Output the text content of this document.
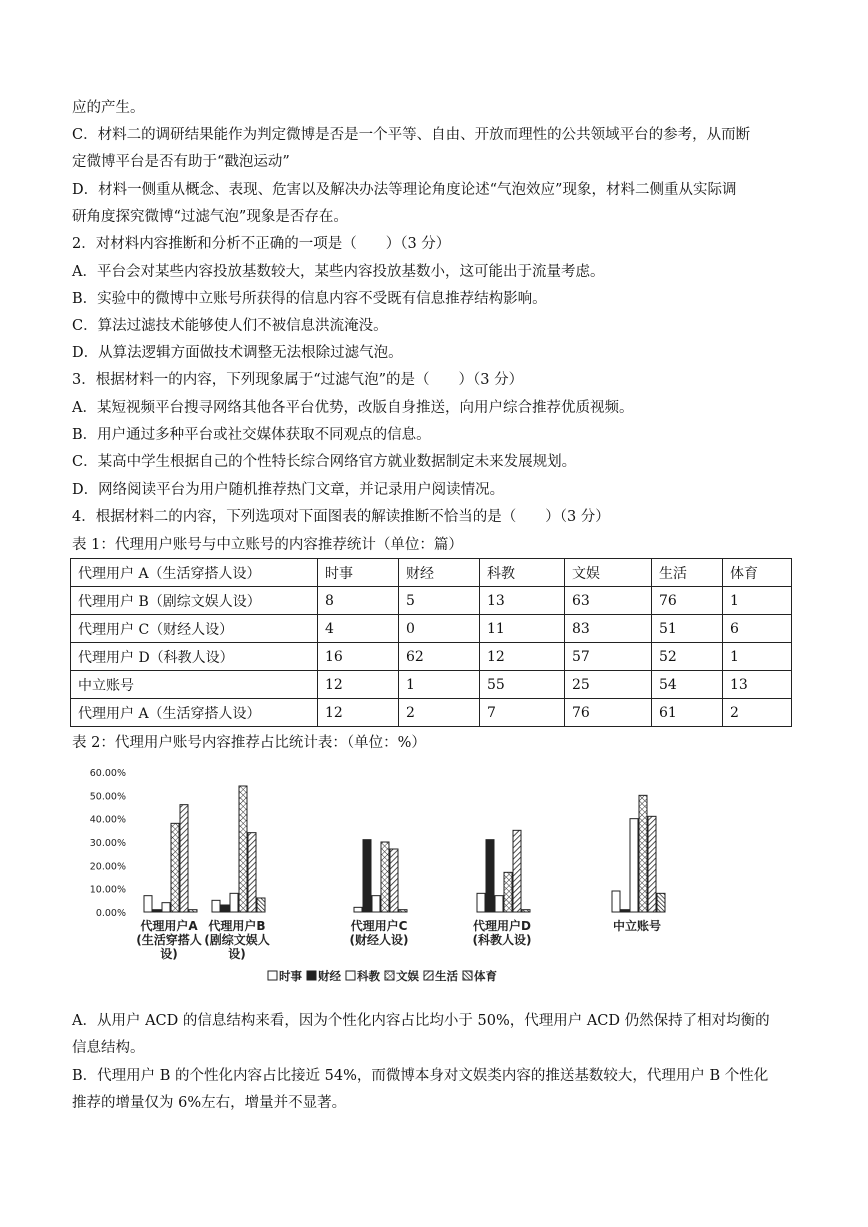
应的产生。
C．材料二的调研结果能作为判定微博是否是一个平等、自由、开放而理性的公共领域平台的参考，从而断
定微博平台是否有助于“戳泡运动”
D．材料一侧重从概念、表现、危害以及解决办法等理论角度论述“气泡效应”现象，材料二侧重从实际调
研角度探究微博“过滤气泡”现象是否存在。
2．对材料内容推断和分析不正确的一项是（　　）（3 分）
A．平台会对某些内容投放基数较大，某些内容投放基数小，这可能出于流量考虑。
B．实验中的微博中立账号所获得的信息内容不受既有信息推荐结构影响。
C．算法过滤技术能够使人们不被信息洪流淹没。
D．从算法逻辑方面做技术调整无法根除过滤气泡。
3．根据材料一的内容，下列现象属于“过滤气泡”的是（　　）（3 分）
A．某短视频平台搜寻网络其他各平台优势，改版自身推送，向用户综合推荐优质视频。
B．用户通过多种平台或社交媒体获取不同观点的信息。
C．某高中学生根据自己的个性特长综合网络官方就业数据制定未来发展规划。
D．网络阅读平台为用户随机推荐热门文章，并记录用户阅读情况。
4．根据材料二的内容，下列选项对下面图表的解读推断不恰当的是（　　）（3 分）
表 1：代理用户账号与中立账号的内容推荐统计（单位：篇）
代理用户 A（生活穿搭人设）	时事	财经	科教	文娱	生活	体育
代理用户 B（剧综文娱人设）	8	5	13	63	76	1
代理用户 C（财经人设）	4	0	11	83	51	6
代理用户 D（科教人设）	16	62	12	57	52	1
中立账号	12	1	55	25	54	13
代理用户 A（生活穿搭人设）	12	2	7	76	61	2
表 2：代理用户账号内容推荐占比统计表：（单位：%）
60.00%
50.00%
40.00%
30.00%
20.00%
10.00%
0.00%
代理用户A
(生活穿搭人
设)
代理用户B
(剧综文娱人
设)
代理用户C
(财经人设)
代理用户D
(科教人设)
中立账号
时事 财经 科教 文娱 生活 体育
A．从用户 ACD 的信息结构来看，因为个性化内容占比均小于 50%，代理用户 ACD 仍然保持了相对均衡的
信息结构。
B．代理用户 B 的个性化内容占比接近 54%，而微博本身对文娱类内容的推送基数较大，代理用户 B 个性化
推荐的增量仅为 6%左右，增量并不显著。
